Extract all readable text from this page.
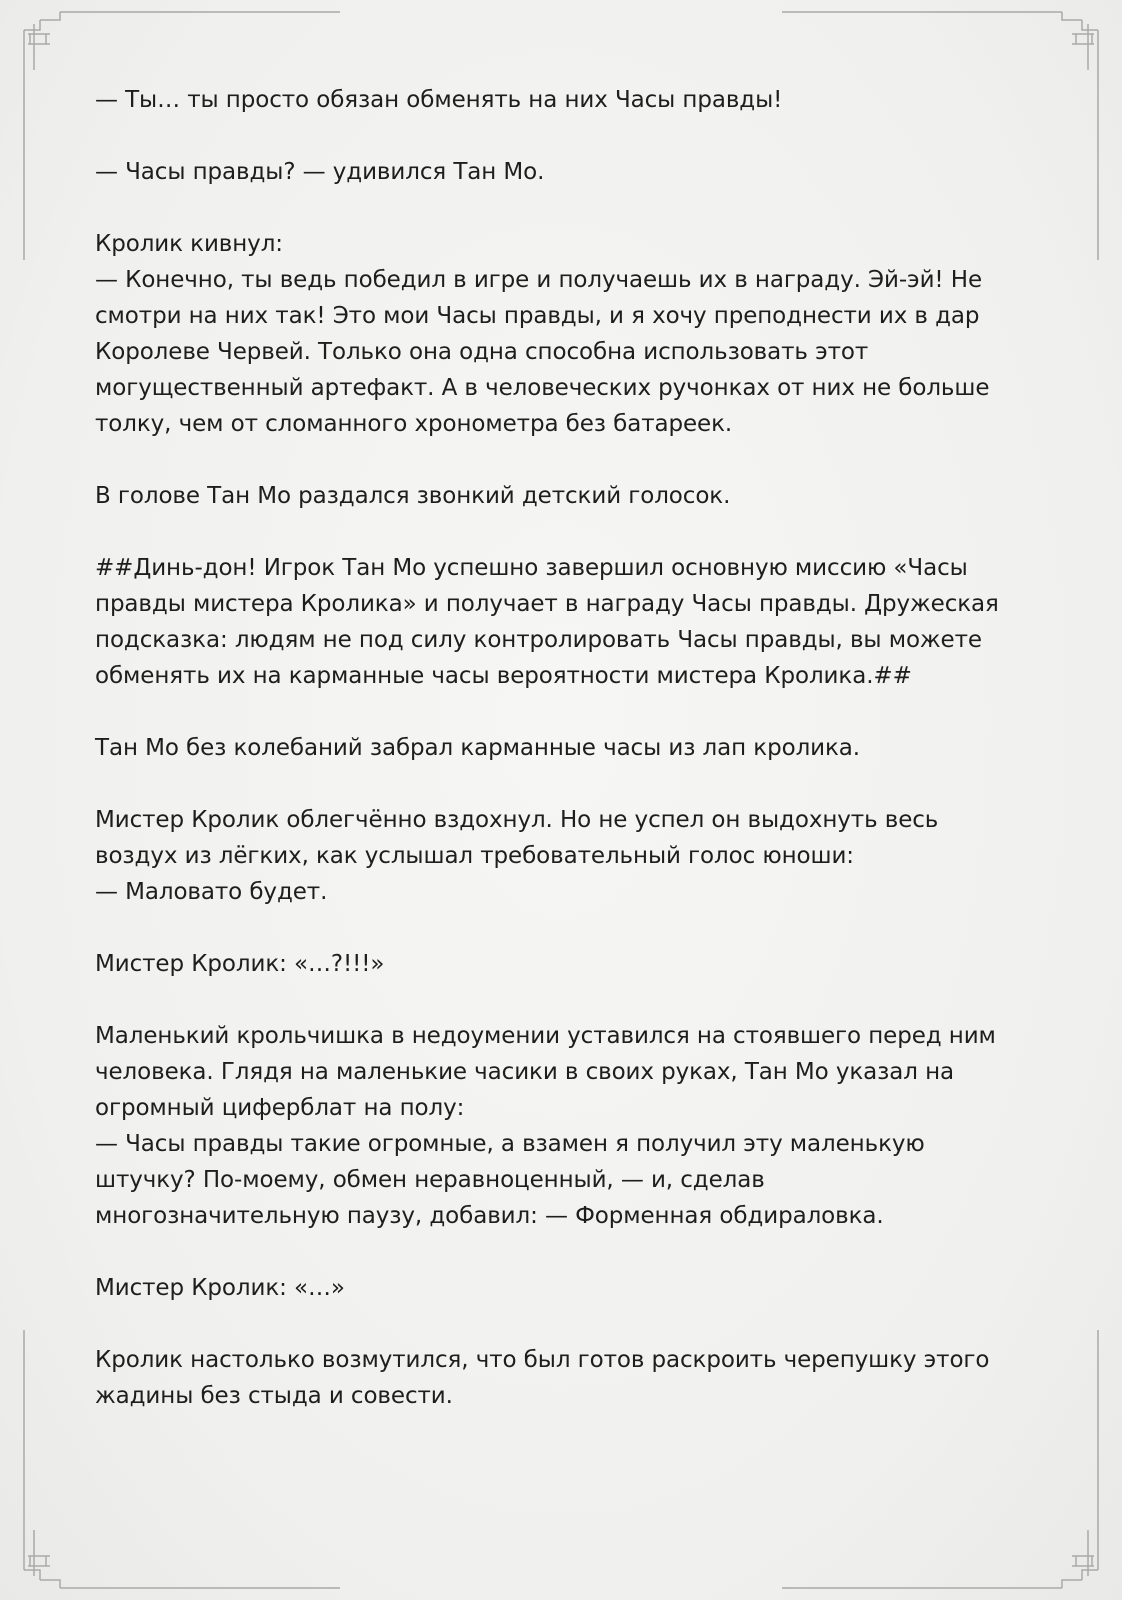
— Ты… ты просто обязан обменять на них Часы правды!

— Часы правды? — удивился Тан Мо.

Кролик кивнул:
— Конечно, ты ведь победил в игре и получаешь их в награду. Эй-эй! Не
смотри на них так! Это мои Часы правды, и я хочу преподнести их в дар
Королеве Червей. Только она одна способна использовать этот
могущественный артефакт. А в человеческих ручонках от них не больше
толку, чем от сломанного хронометра без батареек.

В голове Тан Мо раздался звонкий детский голосок.

##Динь-дон! Игрок Тан Мо успешно завершил основную миссию «Часы
правды мистера Кролика» и получает в награду Часы правды. Дружеская
подсказка: людям не под силу контролировать Часы правды, вы можете
обменять их на карманные часы вероятности мистера Кролика.##

Тан Мо без колебаний забрал карманные часы из лап кролика.

Мистер Кролик облегчённо вздохнул. Но не успел он выдохнуть весь
воздух из лёгких, как услышал требовательный голос юноши:
— Маловато будет.

Мистер Кролик: «…?!!!»

Маленький крольчишка в недоумении уставился на стоявшего перед ним
человека. Глядя на маленькие часики в своих руках, Тан Мо указал на
огромный циферблат на полу:
— Часы правды такие огромные, а взамен я получил эту маленькую
штучку? По-моему, обмен неравноценный, — и, сделав
многозначительную паузу, добавил: — Форменная обдираловка.

Мистер Кролик: «…»

Кролик настолько возмутился, что был готов раскроить черепушку этого
жадины без стыда и совести.
